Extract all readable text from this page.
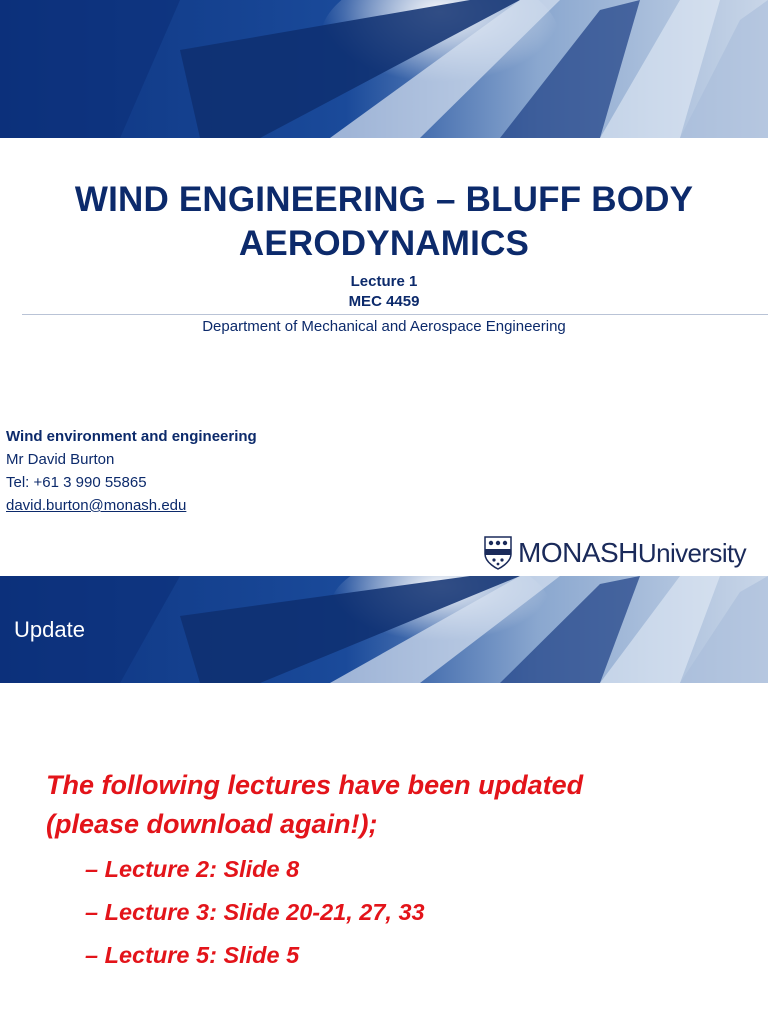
WIND ENGINEERING – BLUFF BODY
AERODYNAMICS
Lecture 1
MEC 4459
Department of Mechanical and Aerospace Engineering
Wind environment and engineering
Mr David Burton
Tel: +61 3 990 55865
david.burton@monash.edu
MONASH University
Update
The following lectures have been updated
(please download again!);
– Lecture 2: Slide 8
– Lecture 3: Slide 20-21, 27, 33
– Lecture 5: Slide 5
